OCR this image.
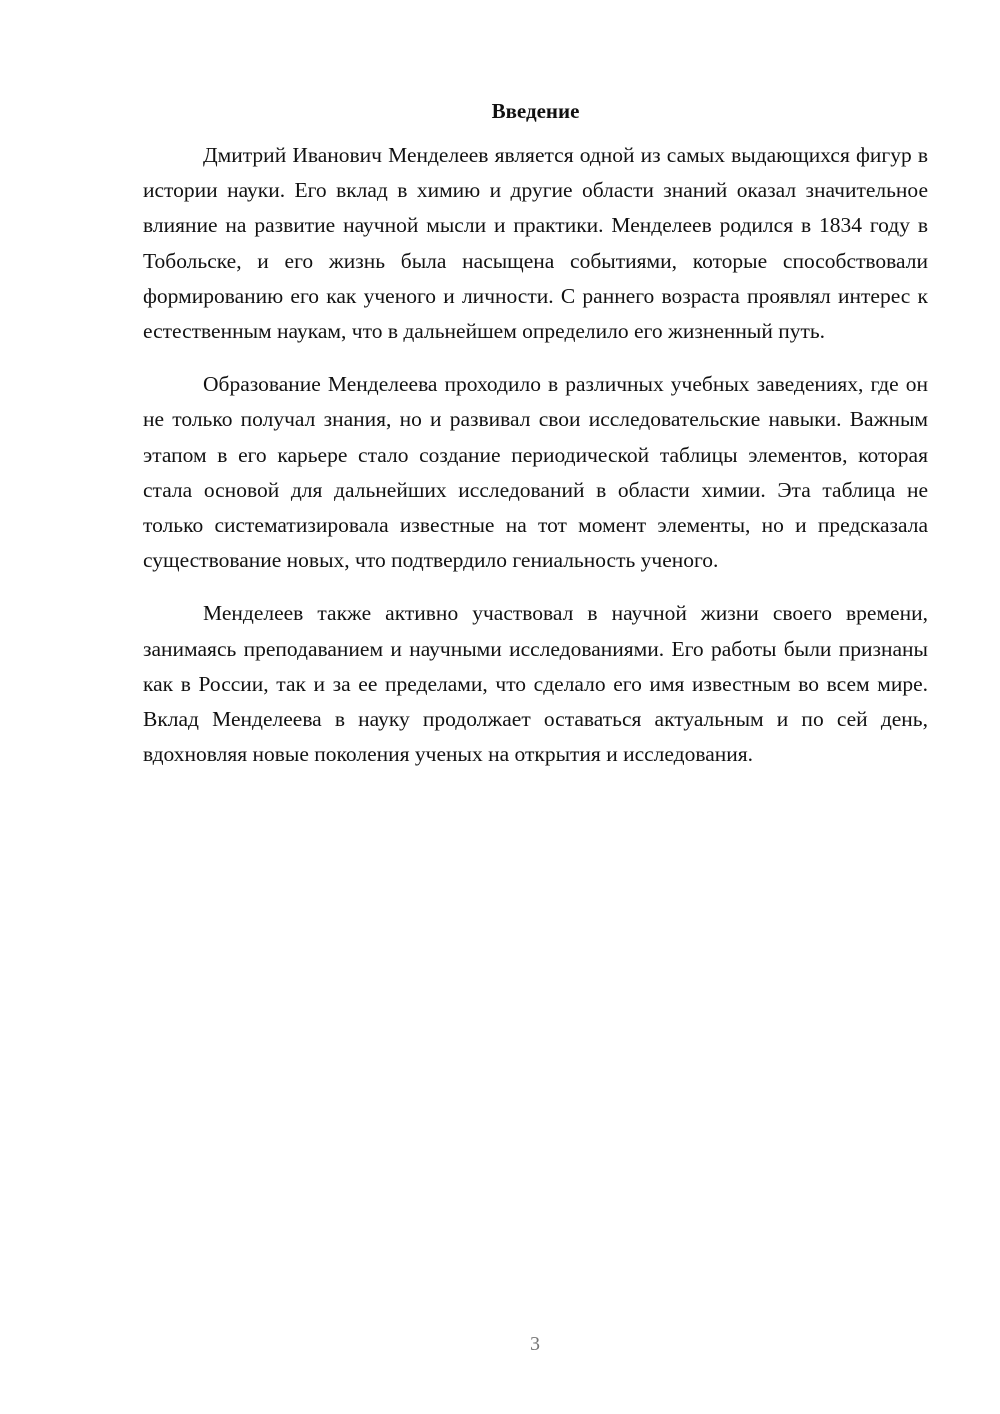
Введение

Дмитрий Иванович Менделеев является одной из самых выдающихся фигур в истории науки. Его вклад в химию и другие области знаний оказал значительное влияние на развитие научной мысли и практики. Менделеев родился в 1834 году в Тобольске, и его жизнь была насыщена событиями, которые способствовали формированию его как ученого и личности. С раннего возраста проявлял интерес к естественным наукам, что в дальнейшем определило его жизненный путь.

Образование Менделеева проходило в различных учебных заведениях, где он не только получал знания, но и развивал свои исследовательские навыки. Важным этапом в его карьере стало создание периодической таблицы элементов, которая стала основой для дальнейших исследований в области химии. Эта таблица не только систематизировала известные на тот момент элементы, но и предсказала существование новых, что подтвердило гениальность ученого.

Менделеев также активно участвовал в научной жизни своего времени, занимаясь преподаванием и научными исследованиями. Его работы были признаны как в России, так и за ее пределами, что сделало его имя известным во всем мире. Вклад Менделеева в науку продолжает оставаться актуальным и по сей день, вдохновляя новые поколения ученых на открытия и исследования.

3
